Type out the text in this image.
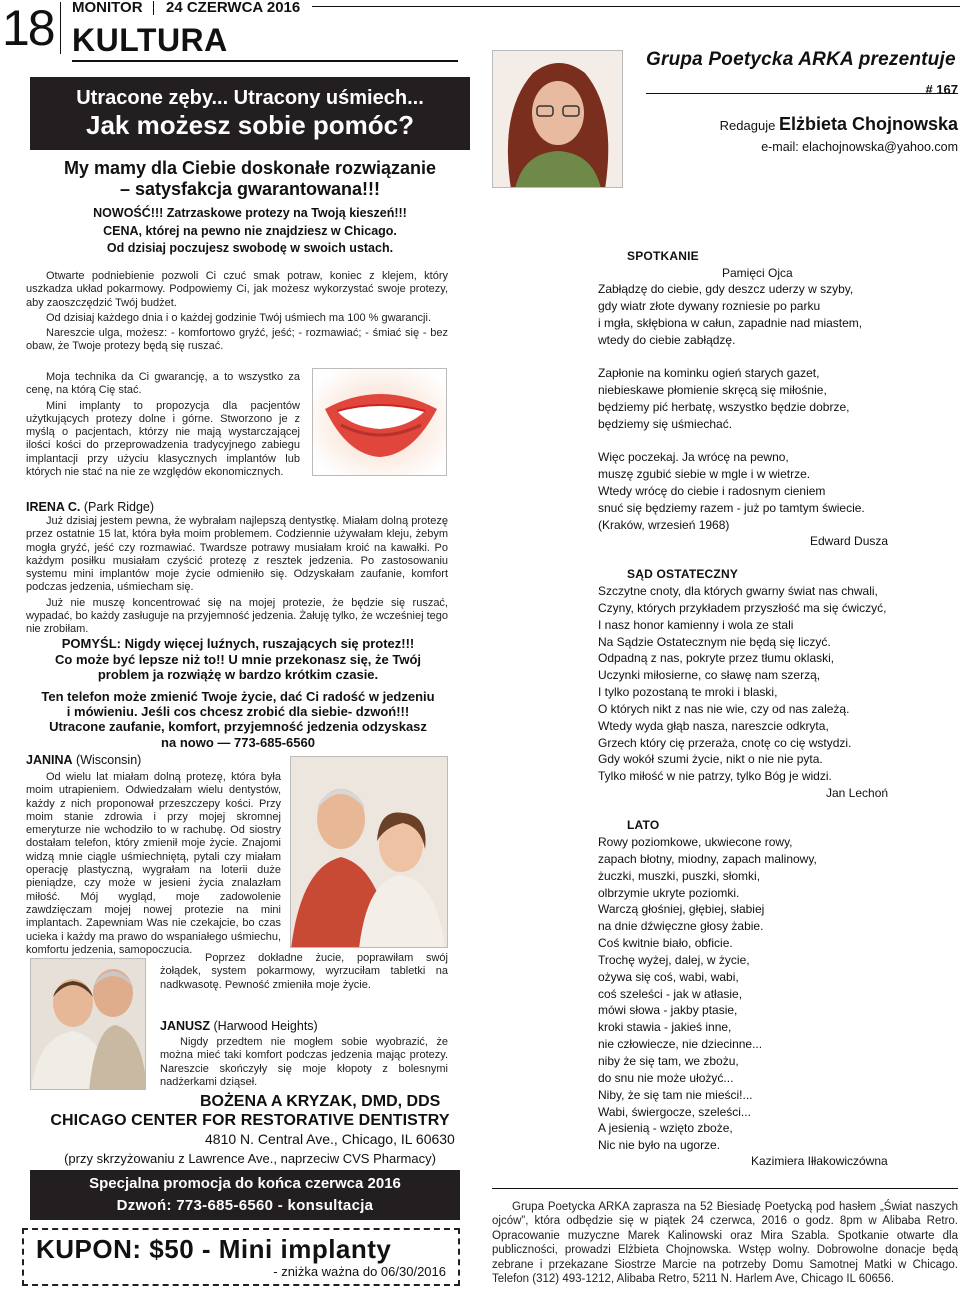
18 MONITOR 24 CZERWCA 2016
KULTURA
Utracone zęby... Utracony uśmiech...
Jak możesz sobie pomóc?
My mamy dla Ciebie doskonałe rozwiązanie
– satysfakcja gwarantowana!!!
NOWOŚĆ!!! Zatrzaskowe protezy na Twoją kieszeń!!!
CENA, której na pewno nie znajdziesz w Chicago.
Od dzisiaj poczujesz swobodę w swoich ustach.

Otwarte podniebienie pozwoli Ci czuć smak potraw, koniec z klejem, który uszkadza układ pokarmowy. Podpowiemy Ci, jak możesz wykorzystać swoje protezy, aby zaoszczędzić Twój budżet.

Od dzisiaj każdego dnia i o każdej godzinie Twój uśmiech ma 100 % gwarancji.

Nareszcie ulga, możesz: - komfortowo gryźć, jeść; - rozmawiać; - śmiać się - bez obaw, że Twoje protezy będą się ruszać.

Moja technika da Ci gwarancję, a to wszystko za cenę, na którą Cię stać.

Mini implanty to propozycja dla pacjentów użytkujących protezy dolne i górne. Stworzono je z myślą o pacjentach, którzy nie mają wystarczającej ilości kości do przeprowadzenia tradycyjnego zabiegu implantacji przy użyciu klasycznych implantów lub których nie stać na nie ze względów ekonomicznych.

IRENA C. (Park Ridge)

Już dzisiaj jestem pewna, że wybrałam najlepszą dentystkę. Miałam dolną protezę przez ostatnie 15 lat, która była moim problemem. Codziennie używałam kleju, żebym mogła gryźć, jeść czy rozmawiać. Twardsze potrawy musiałam kroić na kawałki. Po każdym posiłku musiałam czyścić protezę z resztek jedzenia. Po zastosowaniu systemu mini implantów moje życie odmieniło się. Odzyskałam zaufanie, komfort podczas jedzenia, uśmiecham się.

Już nie muszę koncentrować się na mojej protezie, że będzie się ruszać, wypadać, bo każdy zasługuje na przyjemność jedzenia. Żałuję tylko, że wcześniej tego nie zrobiłam.

POMYŚL: Nigdy więcej luźnych, ruszających się protez!!!
Co może być lepsze niż to!! U mnie przekonasz się, że Twój
problem ja rozwiążę w bardzo krótkim czasie.
Ten telefon może zmienić Twoje życie, dać Ci radość w jedzeniu
i mówieniu. Jeśli cos chcesz zrobić dla siebie- dzwoń!!!
Utracone zaufanie, komfort, przyjemność jedzenia odzyskasz
na nowo — 773-685-6560
JANINA (Wisconsin)

Od wielu lat miałam dolną protezę, która była moim utrapieniem. Odwiedzałam wielu dentystów, każdy z nich proponował przeszczepy kości. Przy moim stanie zdrowia i przy mojej skromnej emeryturze nie wchodziło to w rachubę. Od siostry dostałam telefon, który zmienił moje życie. Znajomi widzą mnie ciągle uśmiechniętą, pytali czy miałam operację plastyczną, wygrałam na loterii duże pieniądze, czy może w jesieni życia znalazłam miłość. Mój wygląd, moje zadowolenie zawdzięczam mojej nowej protezie na mini implantach. Zapewniam Was nie czekajcie, bo czas ucieka i każdy ma prawo do wspaniałego uśmiechu, komfortu jedzenia, samopoczucia.

Poprzez dokładne żucie, poprawiłam swój żołądek, system pokarmowy, wyrzuciłam tabletki na nadkwasotę. Pewność zmieniła moje życie.

JANUSZ (Harwood Heights)

Nigdy przedtem nie mogłem sobie wyobrazić, że można mieć taki komfort podczas jedzenia mając protezy. Nareszcie skończyły się moje kłopoty z bolesnymi nadżerkami dziąseł.

BOŻENA A KRYZAK, DMD, DDS
CHICAGO CENTER FOR RESTORATIVE DENTISTRY
4810 N. Central Ave., Chicago, IL 60630
(przy skrzyżowaniu z Lawrence Ave., naprzeciw CVS Pharmacy)
Specjalna promocja do końca czerwca 2016
Dzwoń: 773-685-6560 - konsultacja
KUPON: $50 - Mini implanty
- zniżka ważna do 06/30/2016
Grupa Poetycka ARKA prezentuje
# 167
Redaguje Elżbieta Chojnowska
e-mail: elachojnowska@yahoo.com
SPOTKANIE
Pamięci Ojca
Zabłądzę do ciebie, gdy deszcz uderzy w szyby,
gdy wiatr złote dywany rozniesie po parku
i mgła, skłębiona w całun, zapadnie nad miastem,
wtedy do ciebie zabłądzę.

Zapłonie na kominku ogień starych gazet,
niebieskawe płomienie skręcą się miłośnie,
będziemy pić herbatę, wszystko będzie dobrze,
będziemy się uśmiechać.

Więc poczekaj. Ja wrócę na pewno,
muszę zgubić siebie w mgle i w wietrze.
Wtedy wrócę do ciebie i radosnym cieniem
snuć się będziemy razem - już po tamtym świecie.
(Kraków, wrzesień 1968)
Edward Dusza
SĄD OSTATECZNY
Szczytne cnoty, dla których gwarny świat nas chwali,
Czyny, których przykładem przyszłość ma się ćwiczyć,
I nasz honor kamienny i wola ze stali
Na Sądzie Ostatecznym nie będą się liczyć.
Odpadną z nas, pokryte przez tłumu oklaski,
Uczynki miłosierne, co sławę nam szerzą,
I tylko pozostaną te mroki i blaski,
O których nikt z nas nie wie, czy od nas zależą.
Wtedy wyda głąb nasza, nareszcie odkryta,
Grzech który cię przeraża, cnotę co cię wstydzi.
Gdy wokół szumi życie, nikt o nie nie pyta.
Tylko miłość w nie patrzy, tylko Bóg je widzi.
Jan Lechoń
LATO
Rowy poziomkowe, ukwiecone rowy,
zapach błotny, miodny, zapach malinowy,
żuczki, muszki, puszki, słomki,
olbrzymie ukryte poziomki.
Warczą głośniej, głębiej, słabiej
na dnie dźwięczne głosy żabie.
Coś kwitnie biało, obficie.
Trochę wyżej, dalej, w życie,
ożywa się coś, wabi, wabi,
coś szeleści - jak w atłasie,
mówi słowa - jakby ptasie,
kroki stawia - jakieś inne,
nie człowiecze, nie dziecinne...
niby że się tam, we zbożu,
do snu nie może ułożyć...
Niby, że się tam nie mieści!...
Wabi, świergocze, szeleści...
A jesienią - wzięto zboże,
Nic nie było na ugorze.
Kazimiera Iłłakowiczówna

Grupa Poetycka ARKA zaprasza na 52 Biesiadę Poetycką pod hasłem „Świat naszych ojców”, która odbędzie się w piątek 24 czerwca, 2016 o godz. 8pm w Alibaba Retro. Opracowanie muzyczne Marek Kalinowski oraz Mira Szabla. Spotkanie otwarte dla publiczności, prowadzi Elżbieta Chojnowska. Wstęp wolny. Dobrowolne donacje będą zebrane i przekazane Siostrze Marcie na potrzeby Domu Samotnej Matki w Chicago. Telefon (312) 493-1212, Alibaba Retro, 5211 N. Harlem Ave, Chicago IL 60656.
